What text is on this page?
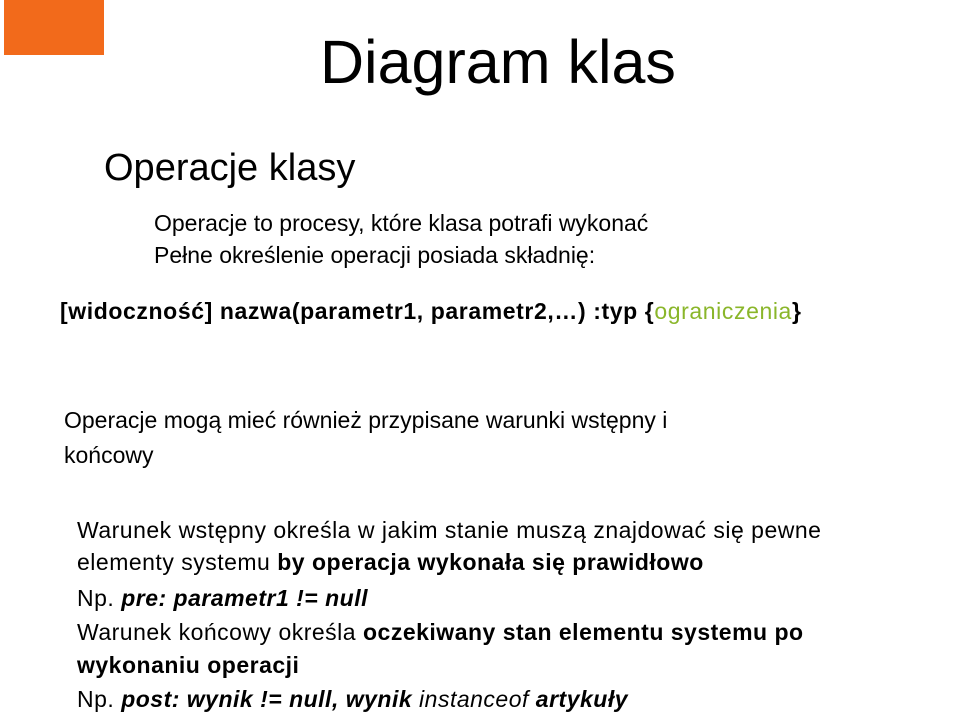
Diagram klas
Operacje klasy
Operacje to procesy, które klasa potrafi wykonać
Pełne określenie operacji posiada składnię:
[widoczność] nazwa(parametr1, parametr2,…) :typ {ograniczenia}
Operacje mogą mieć również przypisane warunki wstępny i
końcowy
Warunek wstępny określa w jakim stanie muszą znajdować się pewne
elementy systemu by operacja wykonała się prawidłowo
Np. pre: parametr1 != null
Warunek końcowy określa oczekiwany stan elementu systemu po
wykonaniu operacji
Np. post: wynik != null, wynik instanceof artykuły
